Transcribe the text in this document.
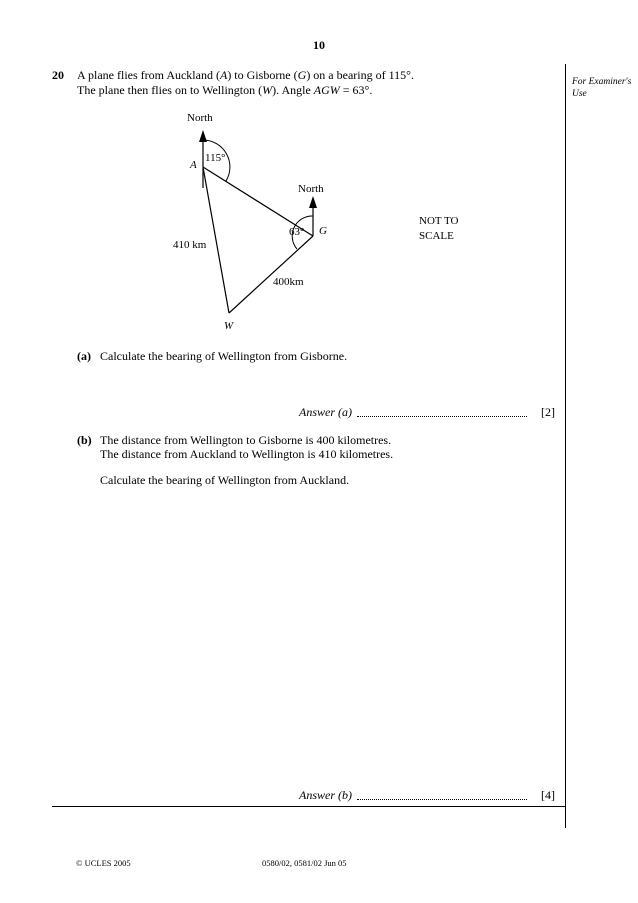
10
For Examiner's Use
20 A plane flies from Auckland (A) to Gisborne (G) on a bearing of 115°.
The plane then flies on to Wellington (W). Angle AGW = 63°.
North
North
115°
63°
A
G
W
410 km
400km
NOT TO
SCALE
(a) Calculate the bearing of Wellington from Gisborne.
Answer (a)	[2]
(b) The distance from Wellington to Gisborne is 400 kilometres.
The distance from Auckland to Wellington is 410 kilometres.
Calculate the bearing of Wellington from Auckland.
Answer (b)	[4]
© UCLES 2005	0580/02, 0581/02 Jun 05
